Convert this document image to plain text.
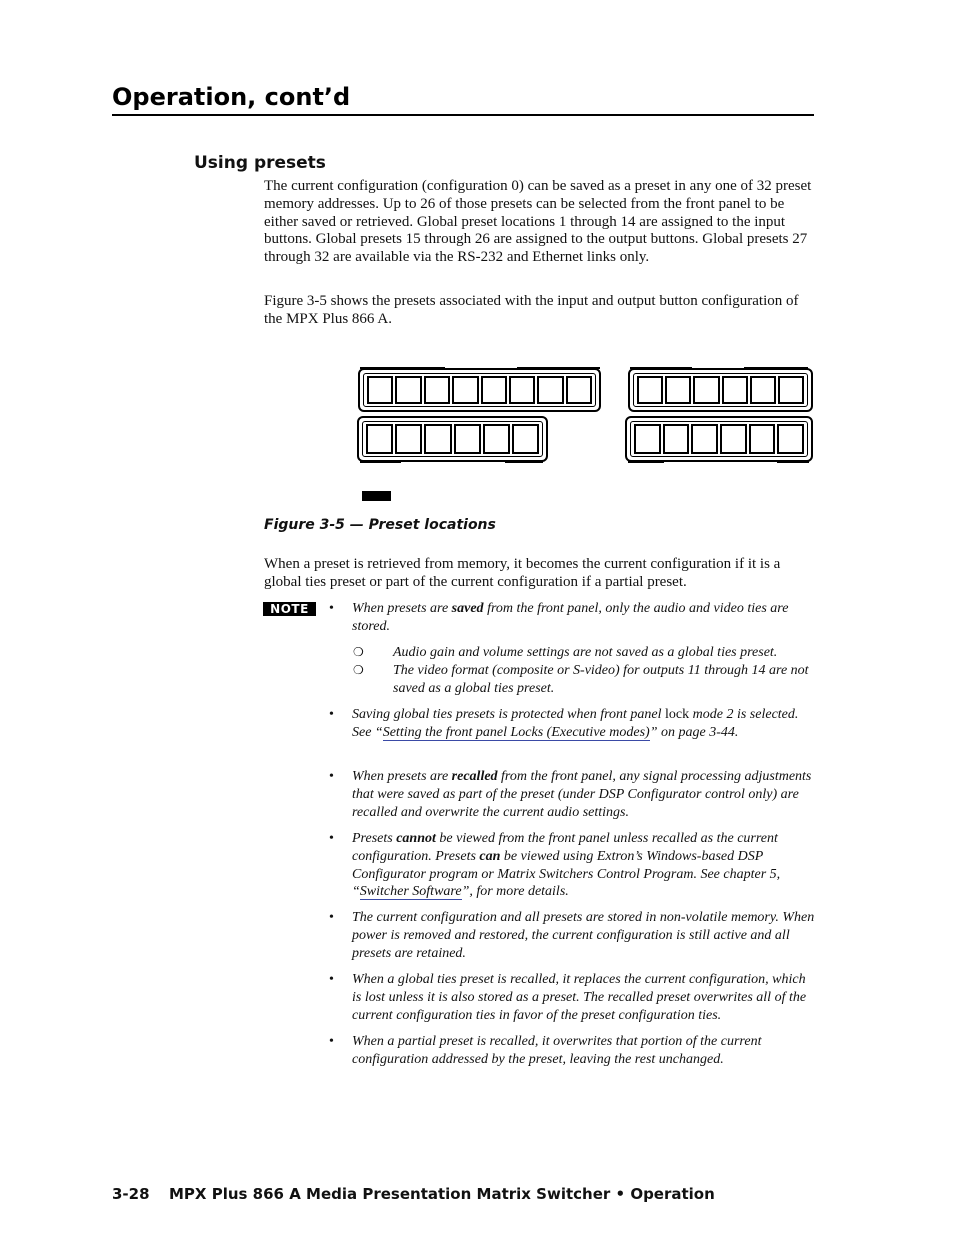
Operation, cont’d
Using presets

The current configuration (configuration 0) can be saved as a preset in any one of 32 preset memory addresses. Up to 26 of those presets can be selected from the front panel to be either saved or retrieved. Global preset locations 1 through 14 are assigned to the input buttons. Global presets 15 through 26 are assigned to the output buttons. Global presets 27 through 32 are available via the RS-232 and Ethernet links only.

Figure 3-5 shows the presets associated with the input and output button configuration of the MPX Plus 866 A.

Figure 3-5 — Preset locations

When a preset is retrieved from memory, it becomes the current configuration if it is a global ties preset or part of the current configuration if a partial preset.

NOTE	• When presets are saved from the front panel, only the audio and video ties are stored.

❍ Audio gain and volume settings are not saved as a global ties preset.

❍ The video format (composite or S-video) for outputs 11 through 14 are not saved as a global ties preset.

• Saving global ties presets is protected when front panel lock mode 2 is selected. See “Setting the front panel Locks (Executive modes)” on page 3-44.

• When presets are recalled from the front panel, any signal processing adjustments that were saved as part of the preset (under DSP Configurator control only) are recalled and overwrite the current audio settings.

• Presets cannot be viewed from the front panel unless recalled as the current configuration. Presets can be viewed using Extron’s Windows-based DSP Configurator program or Matrix Switchers Control Program. See chapter 5, “Switcher Software”, for more details.

• The current configuration and all presets are stored in non-volatile memory. When power is removed and restored, the current configuration is still active and all presets are retained.

• When a global ties preset is recalled, it replaces the current configuration, which is lost unless it is also stored as a preset. The recalled preset overwrites all of the current configuration ties in favor of the preset configuration ties.

• When a partial preset is recalled, it overwrites that portion of the current configuration addressed by the preset, leaving the rest unchanged.

3-28 MPX Plus 866 A Media Presentation Matrix Switcher • Operation
